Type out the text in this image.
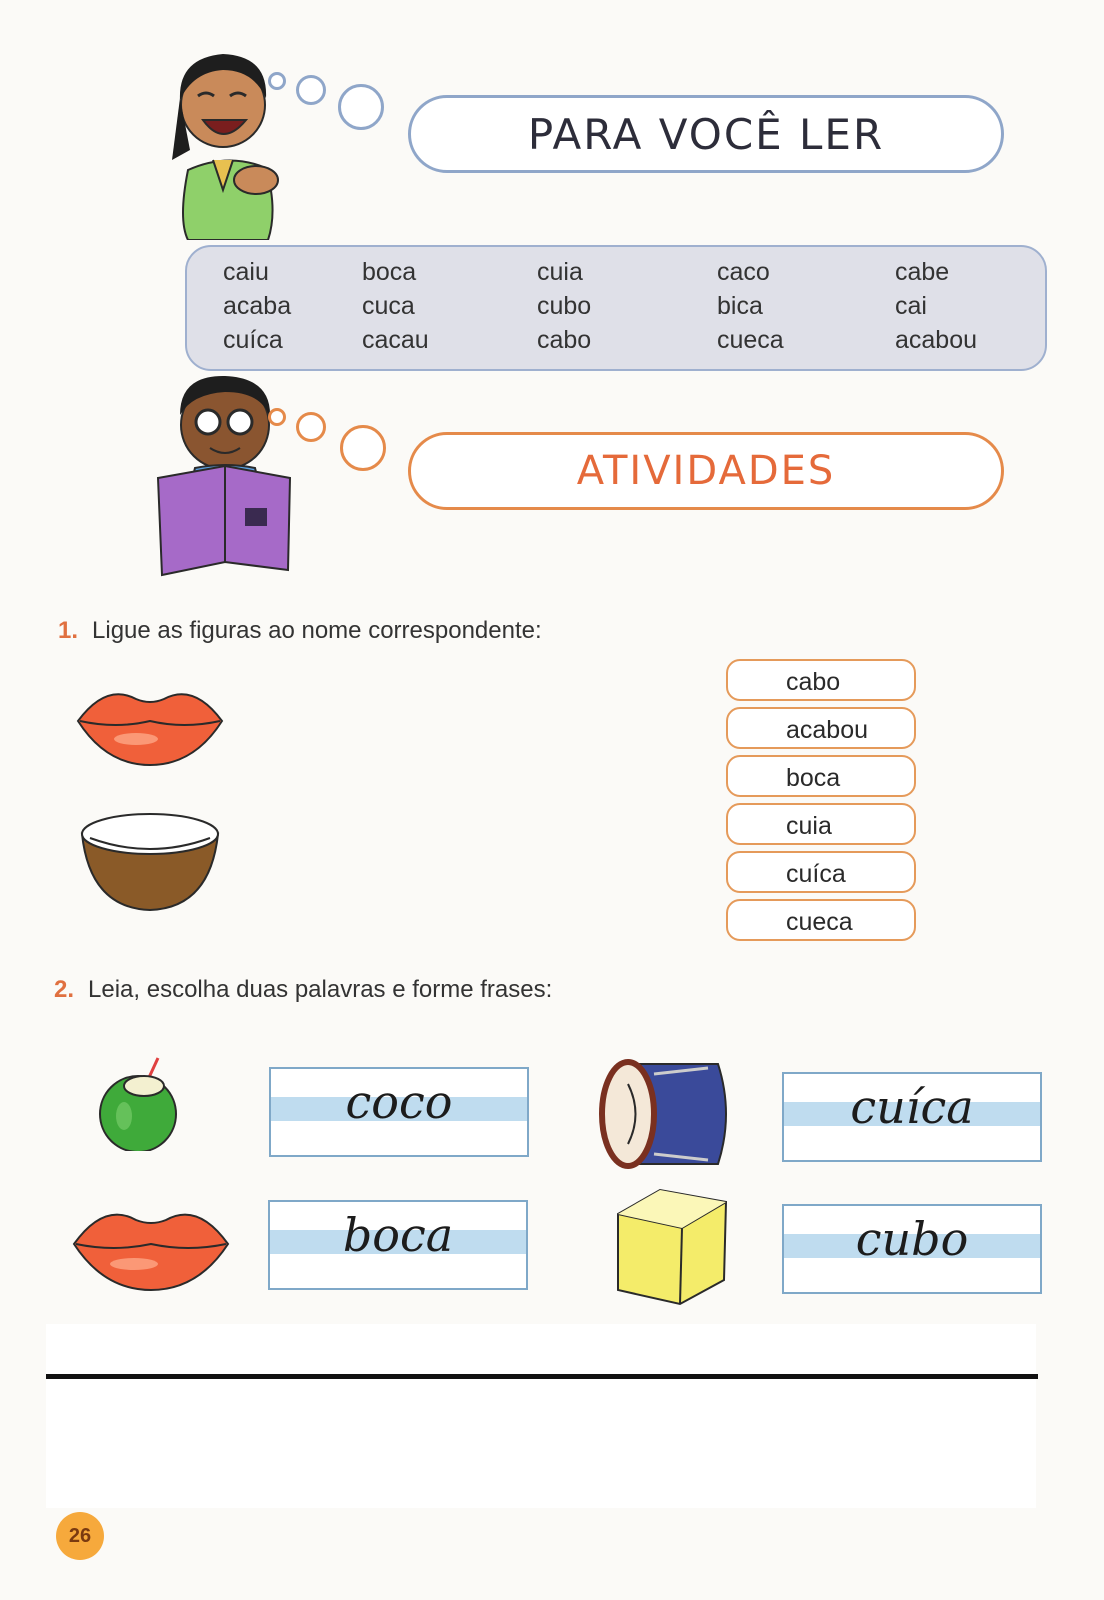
PARA VOCÊ LER
caiu
acaba
cuíca
boca
cuca
cacau
cuia
cubo
cabo
caco
bica
cueca
cabe
cai
acabou
ATIVIDADES
1. Ligue as figuras ao nome correspondente:
cabo
acabou
boca
cuia
cuíca
cueca
2. Leia, escolha duas palavras e forme frases:
coco	cuíca
boca	cubo
26
